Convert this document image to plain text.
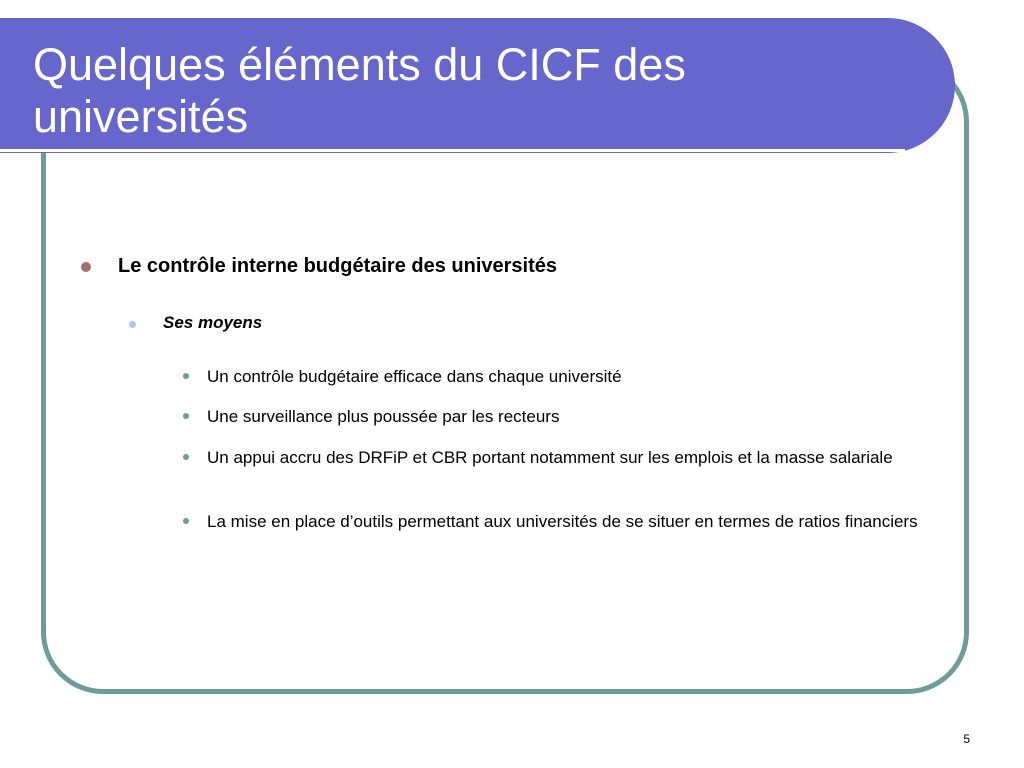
Quelques éléments du CICF des universités
Le contrôle interne budgétaire des universités
Ses moyens
Un contrôle budgétaire efficace dans chaque université
Une surveillance plus poussée par les recteurs
Un appui accru des DRFiP et CBR portant notamment sur les emplois et la masse salariale
La mise en place d’outils permettant aux universités de se situer en termes de ratios financiers
5
